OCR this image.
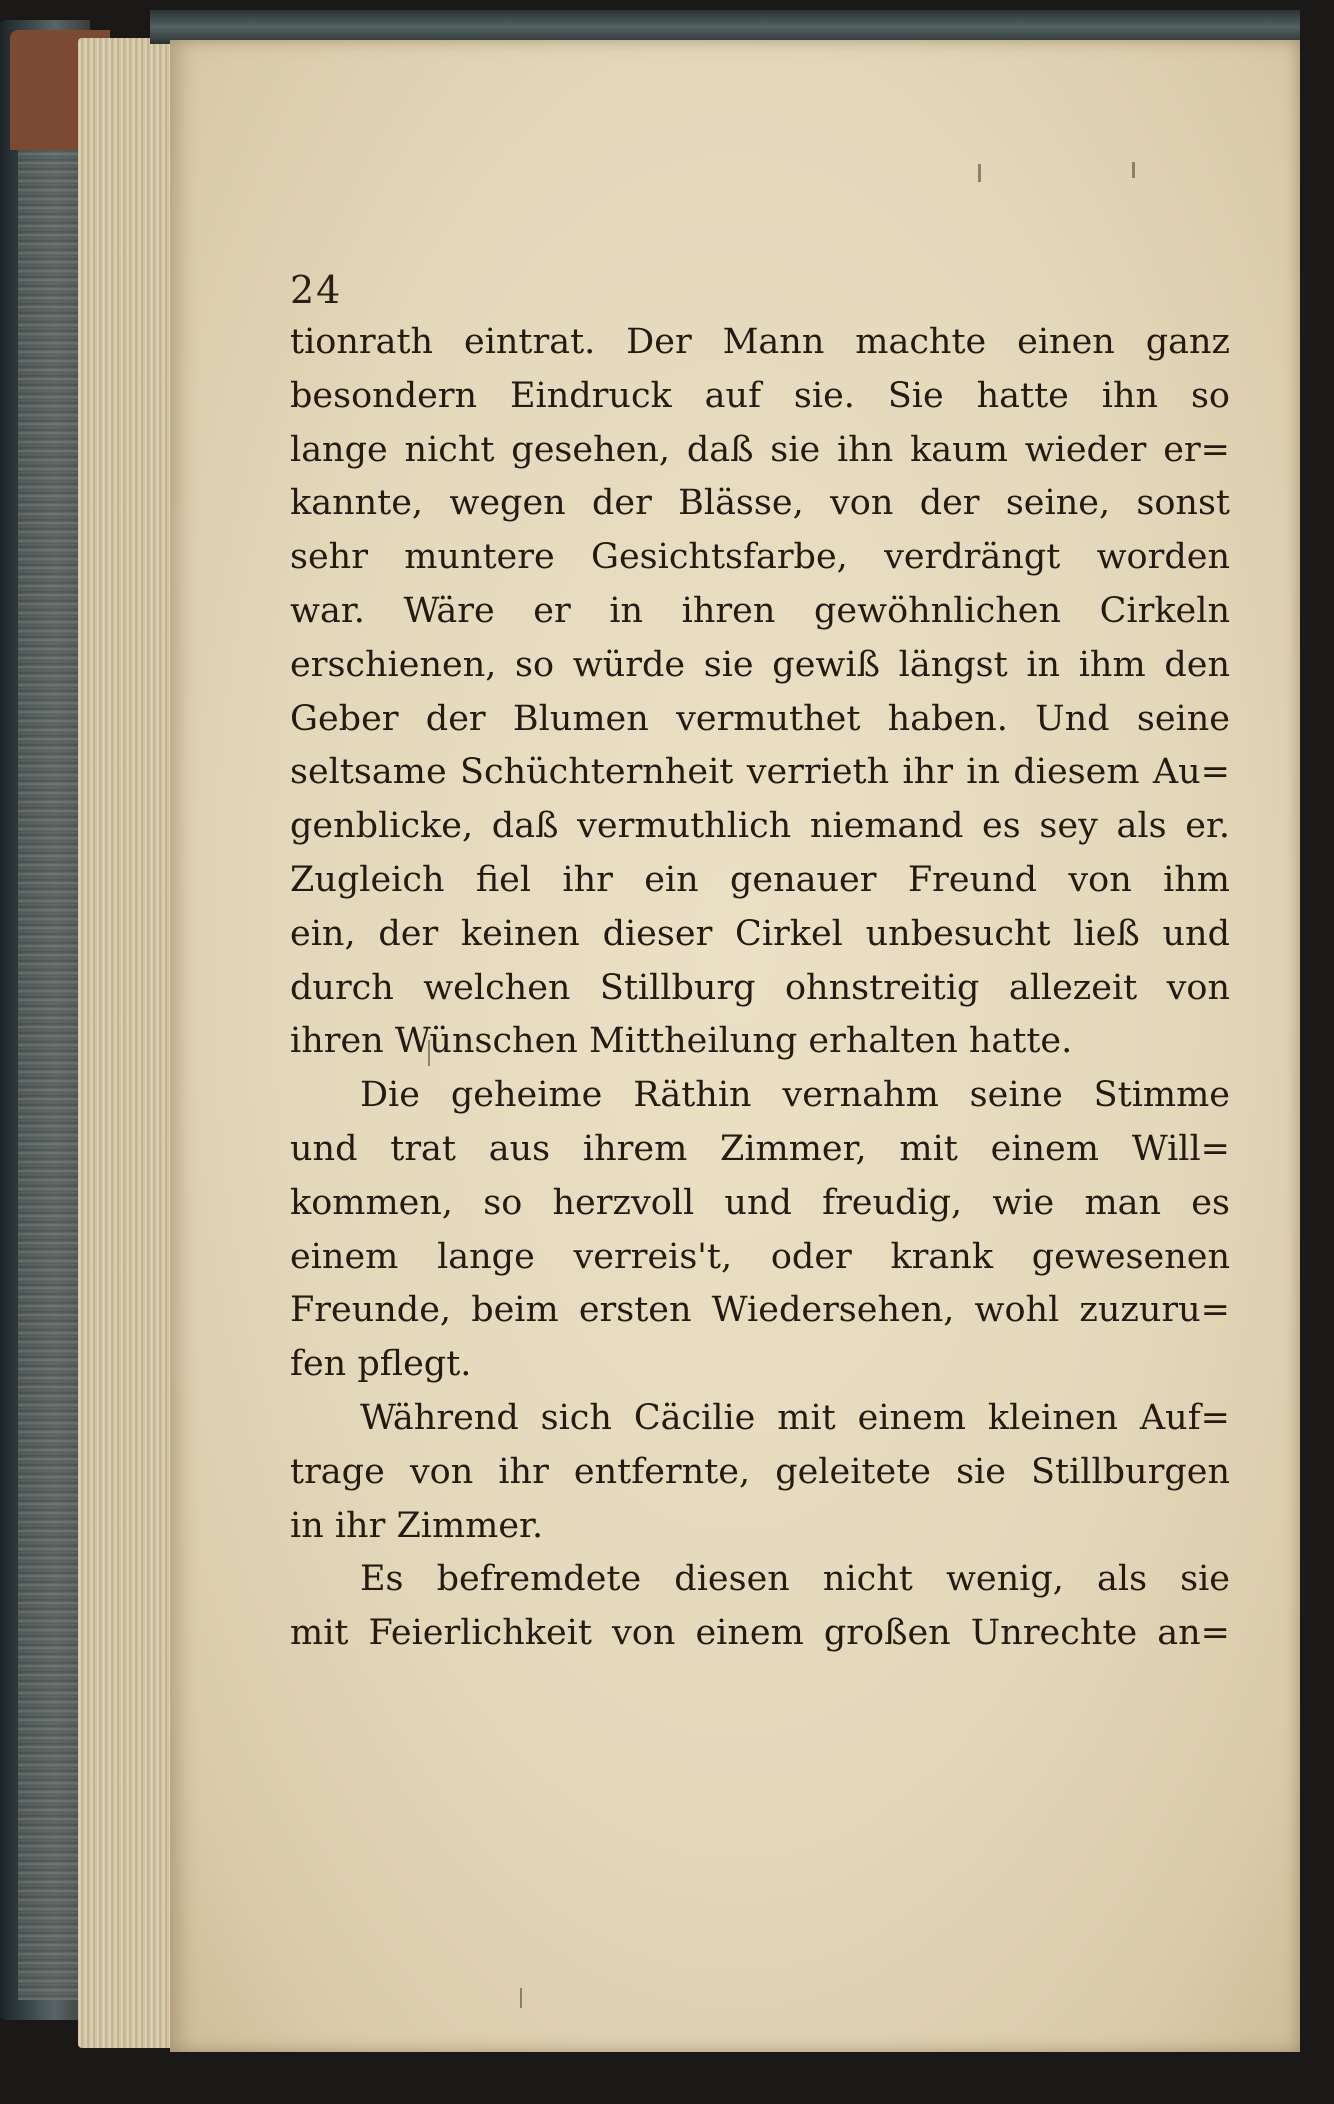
24
tionrath eintrat. Der Mann machte einen ganz
besondern Eindruck auf sie. Sie hatte ihn so
lange nicht gesehen, daß sie ihn kaum wieder er=
kannte, wegen der Blässe, von der seine, sonst
sehr muntere Gesichtsfarbe, verdrängt worden
war. Wäre er in ihren gewöhnlichen Cirkeln
erschienen, so würde sie gewiß längst in ihm den
Geber der Blumen vermuthet haben. Und seine
seltsame Schüchternheit verrieth ihr in diesem Au=
genblicke, daß vermuthlich niemand es sey als er.
Zugleich fiel ihr ein genauer Freund von ihm
ein, der keinen dieser Cirkel unbesucht ließ und
durch welchen Stillburg ohnstreitig allezeit von
ihren Wünschen Mittheilung erhalten hatte.
Die geheime Räthin vernahm seine Stimme
und trat aus ihrem Zimmer, mit einem Will=
kommen, so herzvoll und freudig, wie man es
einem lange verreis't, oder krank gewesenen
Freunde, beim ersten Wiedersehen, wohl zuzuru=
fen pflegt.
Während sich Cäcilie mit einem kleinen Auf=
trage von ihr entfernte, geleitete sie Stillburgen
in ihr Zimmer.
Es befremdete diesen nicht wenig, als sie
mit Feierlichkeit von einem großen Unrechte an=
